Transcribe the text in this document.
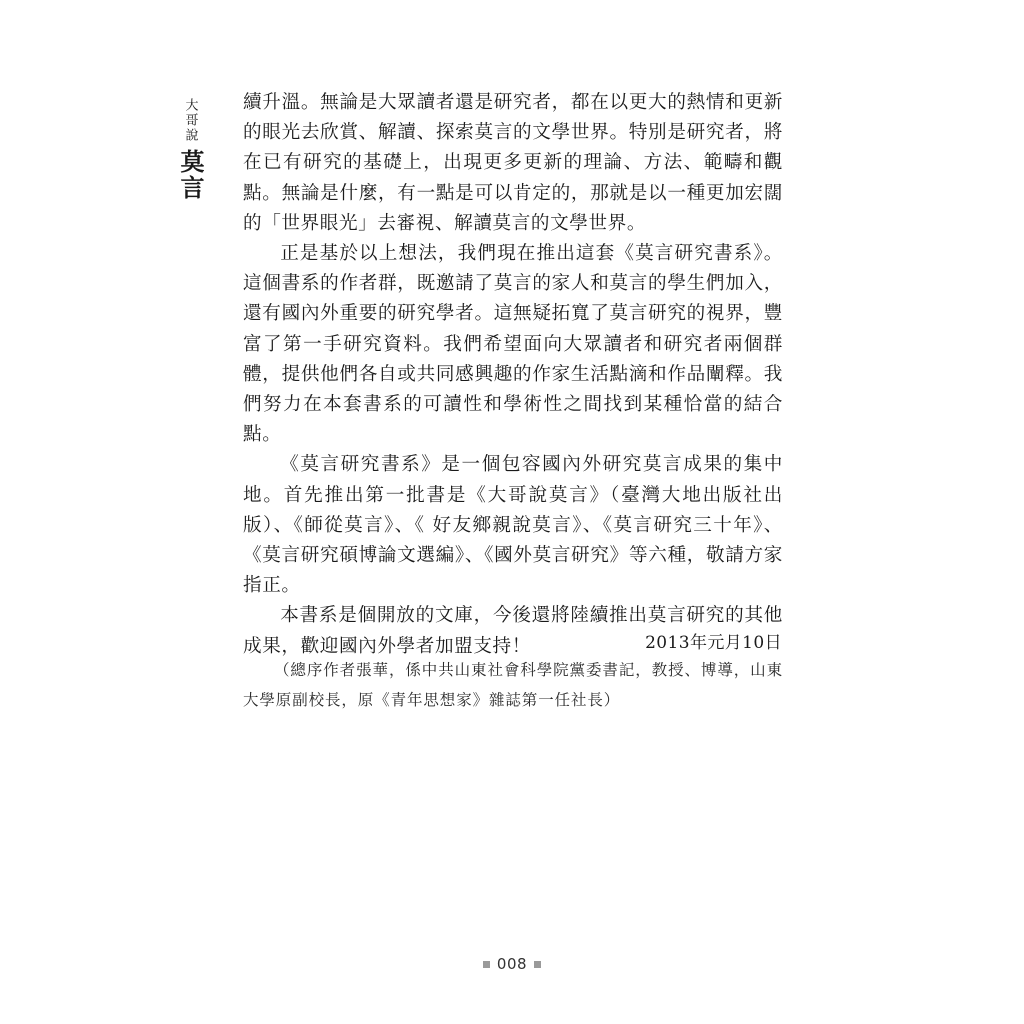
大哥說
莫言

續升溫。無論是大眾讀者還是研究者，都在以更大的熱情和更新的眼光去欣賞、解讀、探索莫言的文學世界。特別是研究者，將在已有研究的基礎上，出現更多更新的理論、方法、範疇和觀點。無論是什麼，有一點是可以肯定的，那就是以一種更加宏闊的「世界眼光」去審視、解讀莫言的文學世界。

正是基於以上想法，我們現在推出這套《莫言研究書系》。這個書系的作者群，既邀請了莫言的家人和莫言的學生們加入，還有國內外重要的研究學者。這無疑拓寬了莫言研究的視界，豐富了第一手研究資料。我們希望面向大眾讀者和研究者兩個群體，提供他們各自或共同感興趣的作家生活點滴和作品闡釋。我們努力在本套書系的可讀性和學術性之間找到某種恰當的結合點。

《莫言研究書系》是一個包容國內外研究莫言成果的集中地。首先推出第一批書是《大哥說莫言》（臺灣大地出版社出版）、《師從莫言》、《 好友鄉親說莫言》、《莫言研究三十年》、《莫言研究碩博論文選編》、《國外莫言研究》等六種，敬請方家指正。

本書系是個開放的文庫，今後還將陸續推出莫言研究的其他成果，歡迎國內外學者加盟支持！	2013年元月10日

（總序作者張華，係中共山東社會科學院黨委書記，教授、博導，山東大學原副校長，原《青年思想家》雜誌第一任社長）

008
